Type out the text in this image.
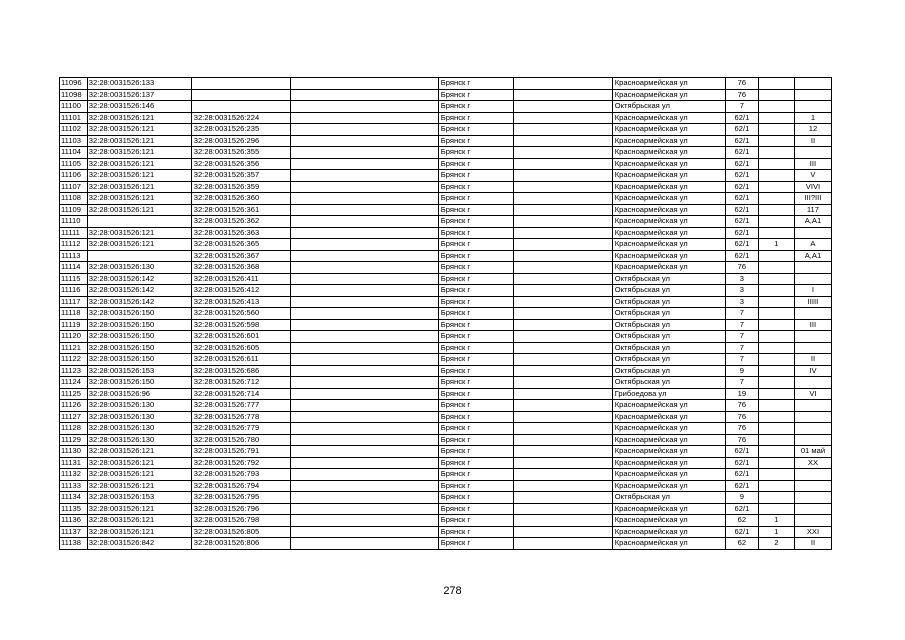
11096	32:28:0031526:133			Брянск г		Красноармейская ул	76		
11098	32:28:0031526:137			Брянск г		Красноармейская ул	76		
11100	32:28:0031526:146			Брянск г		Октябрьская ул	7		
11101	32:28:0031526:121	32:28:0031526:224		Брянск г		Красноармейская ул	62/1		1
11102	32:28:0031526:121	32:28:0031526:235		Брянск г		Красноармейская ул	62/1		12
11103	32:28:0031526:121	32:28:0031526:296		Брянск г		Красноармейская ул	62/1		II
11104	32:28:0031526:121	32:28:0031526:355		Брянск г		Красноармейская ул	62/1		
11105	32:28:0031526:121	32:28:0031526:356		Брянск г		Красноармейская ул	62/1		III
11106	32:28:0031526:121	32:28:0031526:357		Брянск г		Красноармейская ул	62/1		V
11107	32:28:0031526:121	32:28:0031526:359		Брянск г		Красноармейская ул	62/1		VIVI
11108	32:28:0031526:121	32:28:0031526:360		Брянск г		Красноармейская ул	62/1		III?III
11109	32:28:0031526:121	32:28:0031526:361		Брянск г		Красноармейская ул	62/1		117
11110		32:28:0031526:362		Брянск г		Красноармейская ул	62/1		А,А1
11111	32:28:0031526:121	32:28:0031526:363		Брянск г		Красноармейская ул	62/1		
11112	32:28:0031526:121	32:28:0031526:365		Брянск г		Красноармейская ул	62/1	1	А
11113		32:28:0031526:367		Брянск г		Красноармейская ул	62/1		А,А1
11114	32:28:0031526:130	32:28:0031526:368		Брянск г		Красноармейская ул	76		
11115	32:28:0031526:142	32:28:0031526:411		Брянск г		Октябрьская ул	3		
11116	32:28:0031526:142	32:28:0031526:412		Брянск г		Октябрьская ул	3		I
11117	32:28:0031526:142	32:28:0031526:413		Брянск г		Октябрьская ул	3		IIIII
11118	32:28:0031526:150	32:28:0031526:560		Брянск г		Октябрьская ул	7		
11119	32:28:0031526:150	32:28:0031526:598		Брянск г		Октябрьская ул	7		III
11120	32:28:0031526:150	32:28:0031526:601		Брянск г		Октябрьская ул	7		
11121	32:28:0031526:150	32:28:0031526:605		Брянск г		Октябрьская ул	7		
11122	32:28:0031526:150	32:28:0031526:611		Брянск г		Октябрьская ул	7		II
11123	32:28:0031526:153	32:28:0031526:686		Брянск г		Октябрьская ул	9		IV
11124	32:28:0031526:150	32:28:0031526:712		Брянск г		Октябрьская ул	7		
11125	32:28:0031526:96	32:28:0031526:714		Брянск г		Грибоедова ул	19		VI
11126	32:28:0031526:130	32:28:0031526:777		Брянск г		Красноармейская ул	76		
11127	32:28:0031526:130	32:28:0031526:778		Брянск г		Красноармейская ул	76		
11128	32:28:0031526:130	32:28:0031526:779		Брянск г		Красноармейская ул	76		
11129	32:28:0031526:130	32:28:0031526:780		Брянск г		Красноармейская ул	76		
11130	32:28:0031526:121	32:28:0031526:791		Брянск г		Красноармейская ул	62/1		01 май
11131	32:28:0031526:121	32:28:0031526:792		Брянск г		Красноармейская ул	62/1		XX
11132	32:28:0031526:121	32:28:0031526:793		Брянск г		Красноармейская ул	62/1		
11133	32:28:0031526:121	32:28:0031526:794		Брянск г		Красноармейская ул	62/1		
11134	32:28:0031526:153	32:28:0031526:795		Брянск г		Октябрьская ул	9		
11135	32:28:0031526:121	32:28:0031526:796		Брянск г		Красноармейская ул	62/1		
11136	32:28:0031526:121	32:28:0031526:798		Брянск г		Красноармейская ул	62	1	
11137	32:28:0031526:121	32:28:0031526:805		Брянск г		Красноармейская ул	62/1	1	XXI
11138	32:28:0031526:842	32:28:0031526:806		Брянск г		Красноармейская ул	62	2	II
278
